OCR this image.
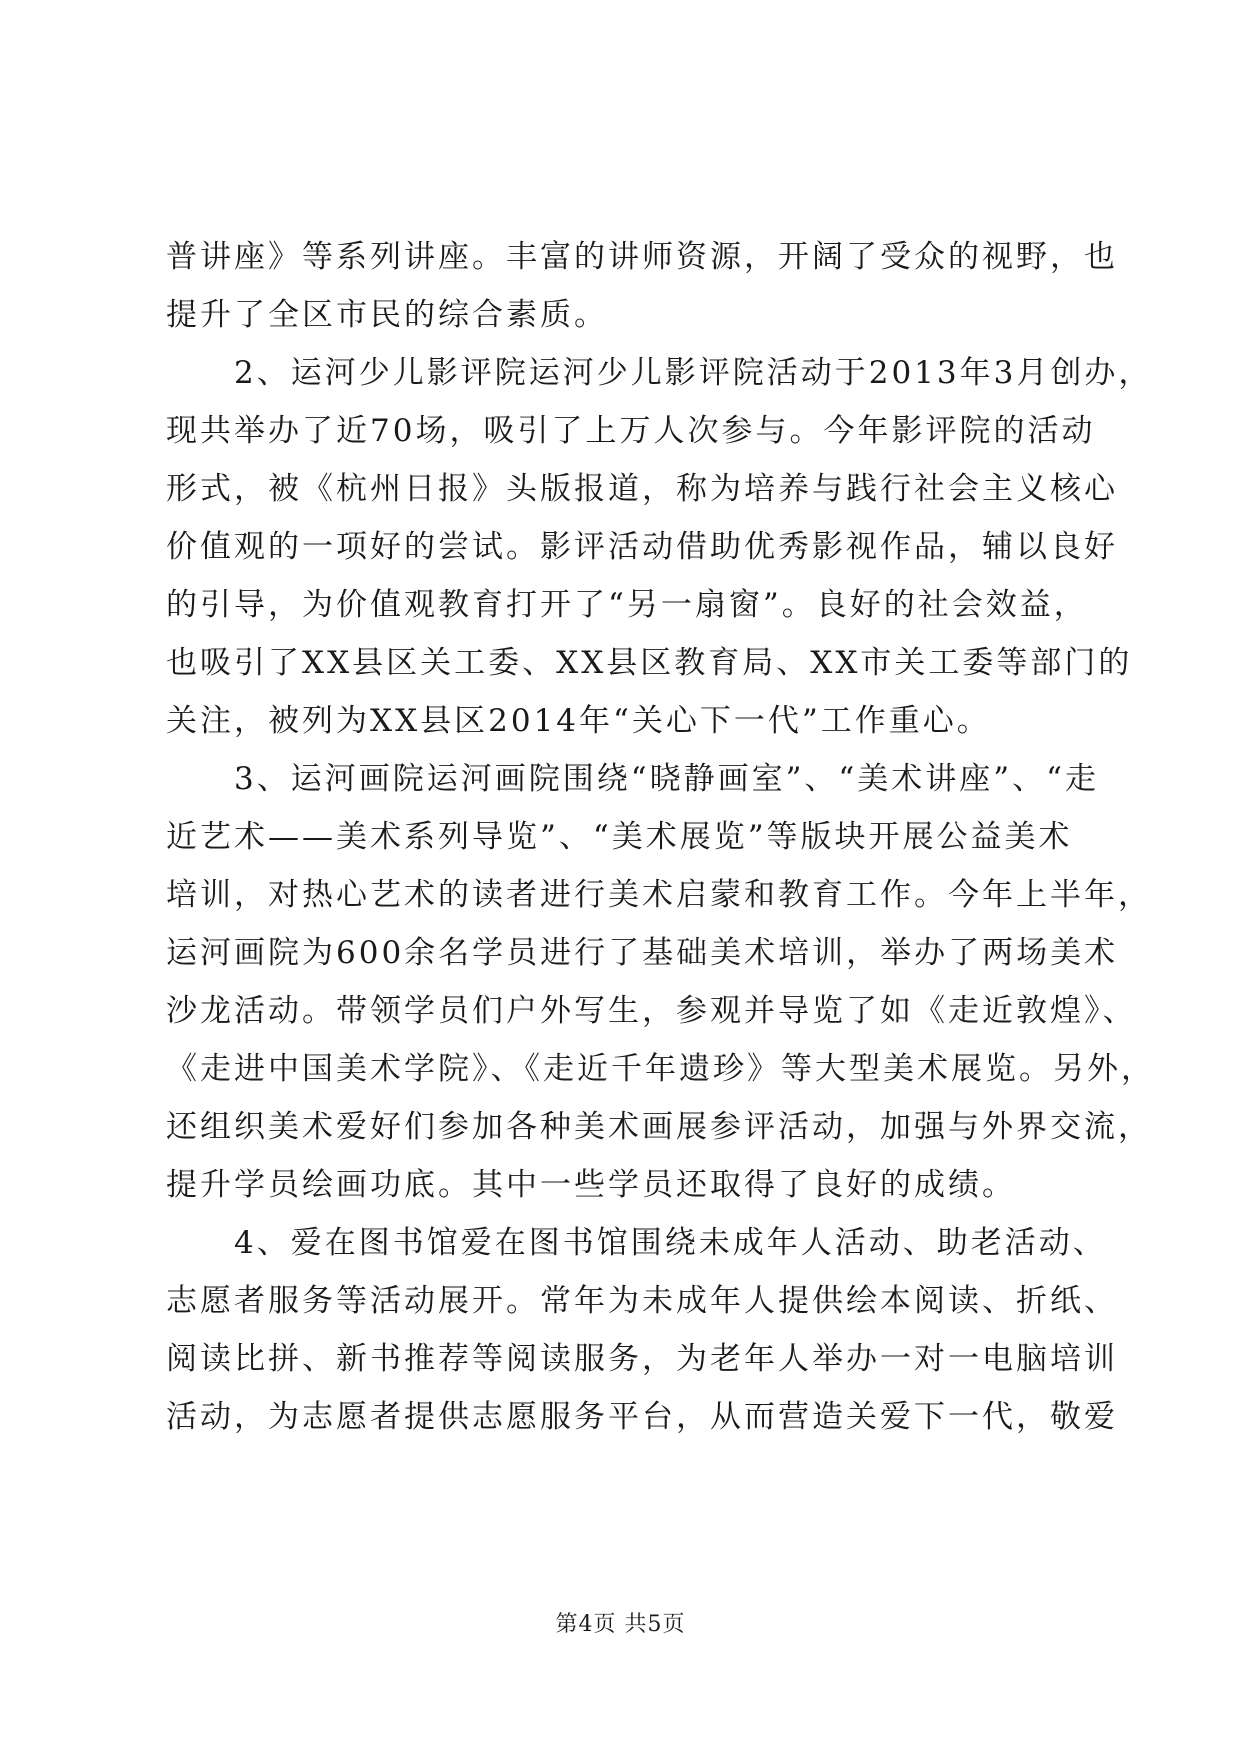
普讲座》等系列讲座。丰富的讲师资源，开阔了受众的视野，也
提升了全区市民的综合素质。
　　2、运河少儿影评院运河少儿影评院活动于2013年3月创办，
现共举办了近70场，吸引了上万人次参与。今年影评院的活动
形式，被《杭州日报》头版报道，称为培养与践行社会主义核心
价值观的一项好的尝试。影评活动借助优秀影视作品，辅以良好
的引导，为价值观教育打开了“另一扇窗”。良好的社会效益，
也吸引了XX县区关工委、XX县区教育局、XX市关工委等部门的
关注，被列为XX县区2014年“关心下一代”工作重心。
　　3、运河画院运河画院围绕“晓静画室”、“美术讲座”、“走
近艺术——美术系列导览”、“美术展览”等版块开展公益美术
培训，对热心艺术的读者进行美术启蒙和教育工作。今年上半年，
运河画院为600余名学员进行了基础美术培训，举办了两场美术
沙龙活动。带领学员们户外写生，参观并导览了如《走近敦煌》、
《走进中国美术学院》、《走近千年遗珍》等大型美术展览。另外，
还组织美术爱好们参加各种美术画展参评活动，加强与外界交流，
提升学员绘画功底。其中一些学员还取得了良好的成绩。
　　4、爱在图书馆爱在图书馆围绕未成年人活动、助老活动、
志愿者服务等活动展开。常年为未成年人提供绘本阅读、折纸、
阅读比拼、新书推荐等阅读服务，为老年人举办一对一电脑培训
活动，为志愿者提供志愿服务平台，从而营造关爱下一代，敬爱
第4页 共5页
